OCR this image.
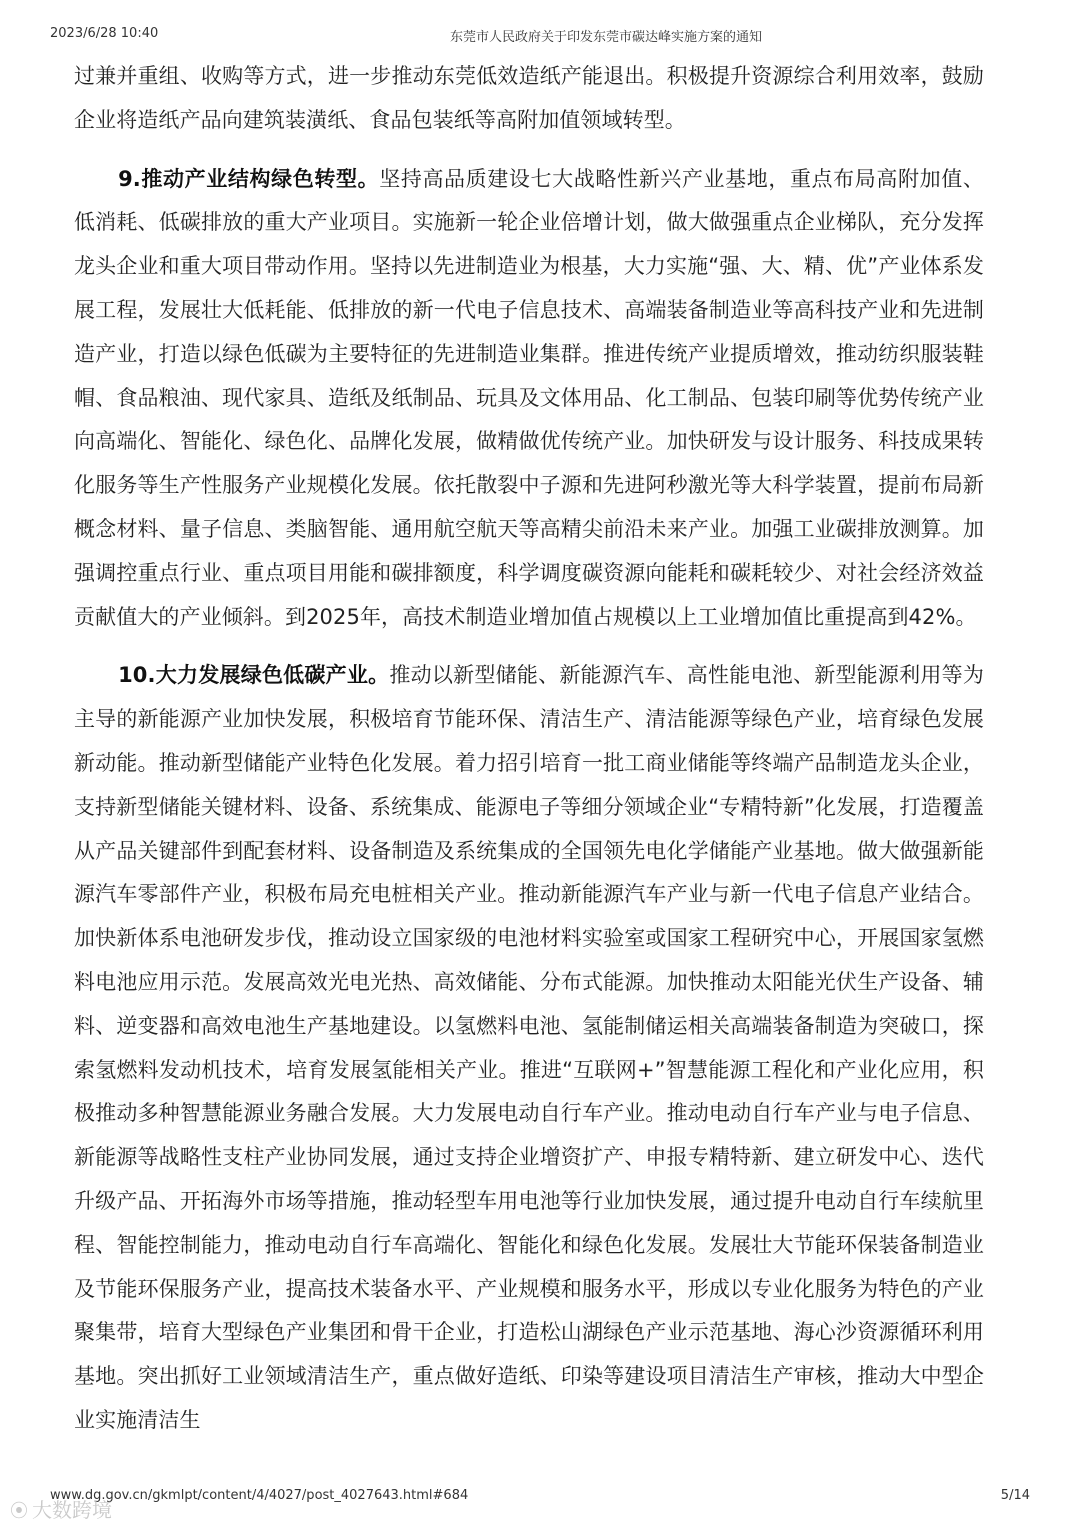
2023/6/28 10:40	东莞市人民政府关于印发东莞市碳达峰实施方案的通知

过兼并重组、收购等方式，进一步推动东莞低效造纸产能退出。积极提升资源综合利用效率，鼓励企业将造纸产品向建筑装潢纸、食品包装纸等高附加值领域转型。

9.推动产业结构绿色转型。坚持高品质建设七大战略性新兴产业基地，重点布局高附加值、低消耗、低碳排放的重大产业项目。实施新一轮企业倍增计划，做大做强重点企业梯队，充分发挥龙头企业和重大项目带动作用。坚持以先进制造业为根基，大力实施“强、大、精、优”产业体系发展工程，发展壮大低耗能、低排放的新一代电子信息技术、高端装备制造业等高科技产业和先进制造产业，打造以绿色低碳为主要特征的先进制造业集群。推进传统产业提质增效，推动纺织服装鞋帽、食品粮油、现代家具、造纸及纸制品、玩具及文体用品、化工制品、包装印刷等优势传统产业向高端化、智能化、绿色化、品牌化发展，做精做优传统产业。加快研发与设计服务、科技成果转化服务等生产性服务产业规模化发展。依托散裂中子源和先进阿秒激光等大科学装置，提前布局新概念材料、量子信息、类脑智能、通用航空航天等高精尖前沿未来产业。加强工业碳排放测算。加强调控重点行业、重点项目用能和碳排额度，科学调度碳资源向能耗和碳耗较少、对社会经济效益贡献值大的产业倾斜。到2025年，高技术制造业增加值占规模以上工业增加值比重提高到42%。

10.大力发展绿色低碳产业。推动以新型储能、新能源汽车、高性能电池、新型能源利用等为主导的新能源产业加快发展，积极培育节能环保、清洁生产、清洁能源等绿色产业，培育绿色发展新动能。推动新型储能产业特色化发展。着力招引培育一批工商业储能等终端产品制造龙头企业，支持新型储能关键材料、设备、系统集成、能源电子等细分领域企业“专精特新”化发展，打造覆盖从产品关键部件到配套材料、设备制造及系统集成的全国领先电化学储能产业基地。做大做强新能源汽车零部件产业，积极布局充电桩相关产业。推动新能源汽车产业与新一代电子信息产业结合。加快新体系电池研发步伐，推动设立国家级的电池材料实验室或国家工程研究中心，开展国家氢燃料电池应用示范。发展高效光电光热、高效储能、分布式能源。加快推动太阳能光伏生产设备、辅料、逆变器和高效电池生产基地建设。以氢燃料电池、氢能制储运相关高端装备制造为突破口，探索氢燃料发动机技术，培育发展氢能相关产业。推进“互联网+”智慧能源工程化和产业化应用，积极推动多种智慧能源业务融合发展。大力发展电动自行车产业。推动电动自行车产业与电子信息、新能源等战略性支柱产业协同发展，通过支持企业增资扩产、申报专精特新、建立研发中心、迭代升级产品、开拓海外市场等措施，推动轻型车用电池等行业加快发展，通过提升电动自行车续航里程、智能控制能力，推动电动自行车高端化、智能化和绿色化发展。发展壮大节能环保装备制造业及节能环保服务产业，提高技术装备水平、产业规模和服务水平，形成以专业化服务为特色的产业聚集带，培育大型绿色产业集团和骨干企业，打造松山湖绿色产业示范基地、海心沙资源循环利用基地。突出抓好工业领域清洁生产，重点做好造纸、印染等建设项目清洁生产审核，推动大中型企业实施清洁生

www.dg.gov.cn/gkmlpt/content/4/4027/post_4027643.html#684	5/14
⦿ 大数跨境
